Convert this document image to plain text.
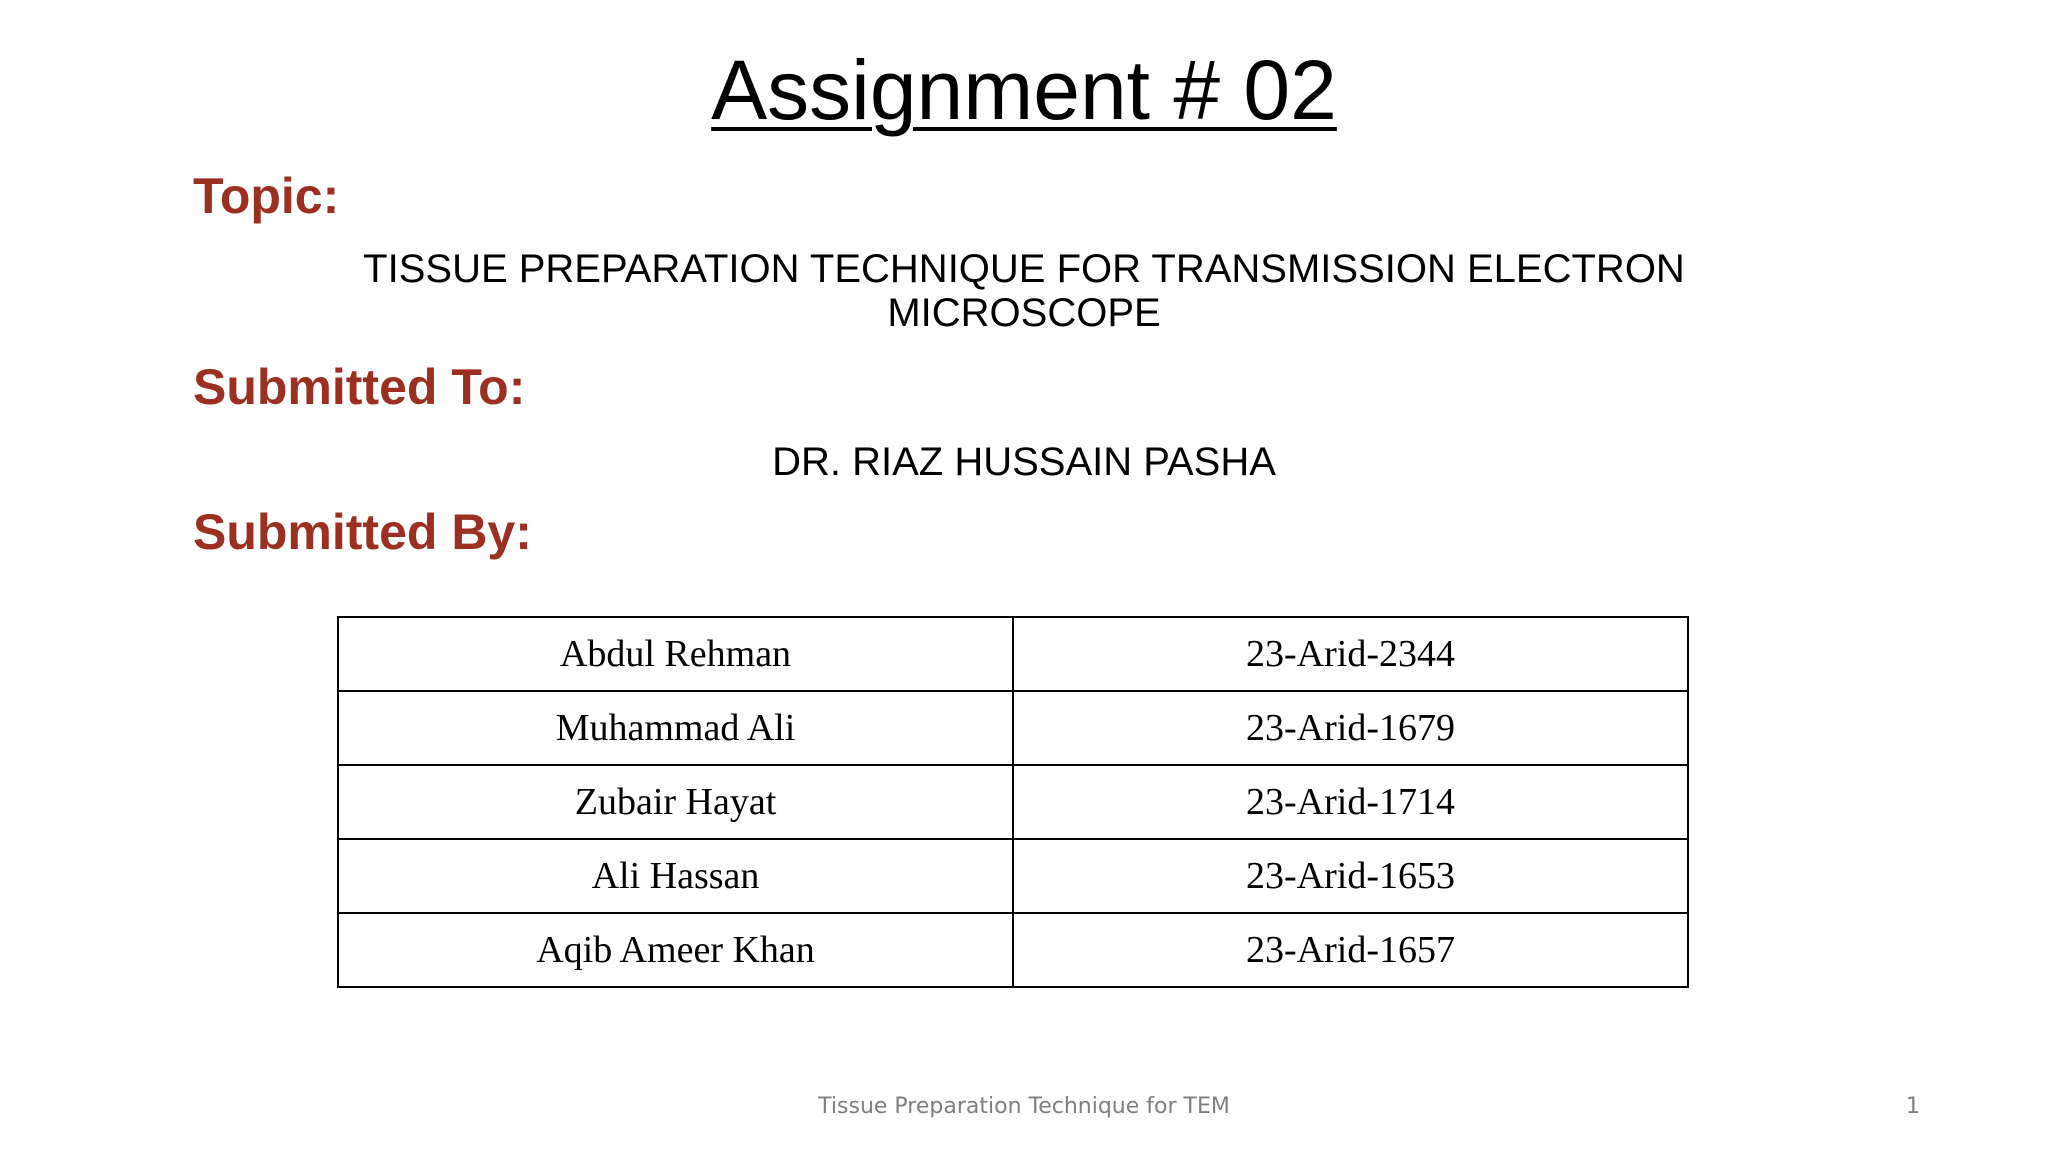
Assignment # 02
Topic:

TISSUE PREPARATION TECHNIQUE FOR TRANSMISSION ELECTRON MICROSCOPE

Submitted To:

DR. RIAZ HUSSAIN PASHA

Submitted By:
Abdul Rehman	23-Arid-2344
Muhammad Ali	23-Arid-1679
Zubair Hayat	23-Arid-1714
Ali Hassan	23-Arid-1653
Aqib Ameer Khan	23-Arid-1657

Tissue Preparation Technique for TEM	1
